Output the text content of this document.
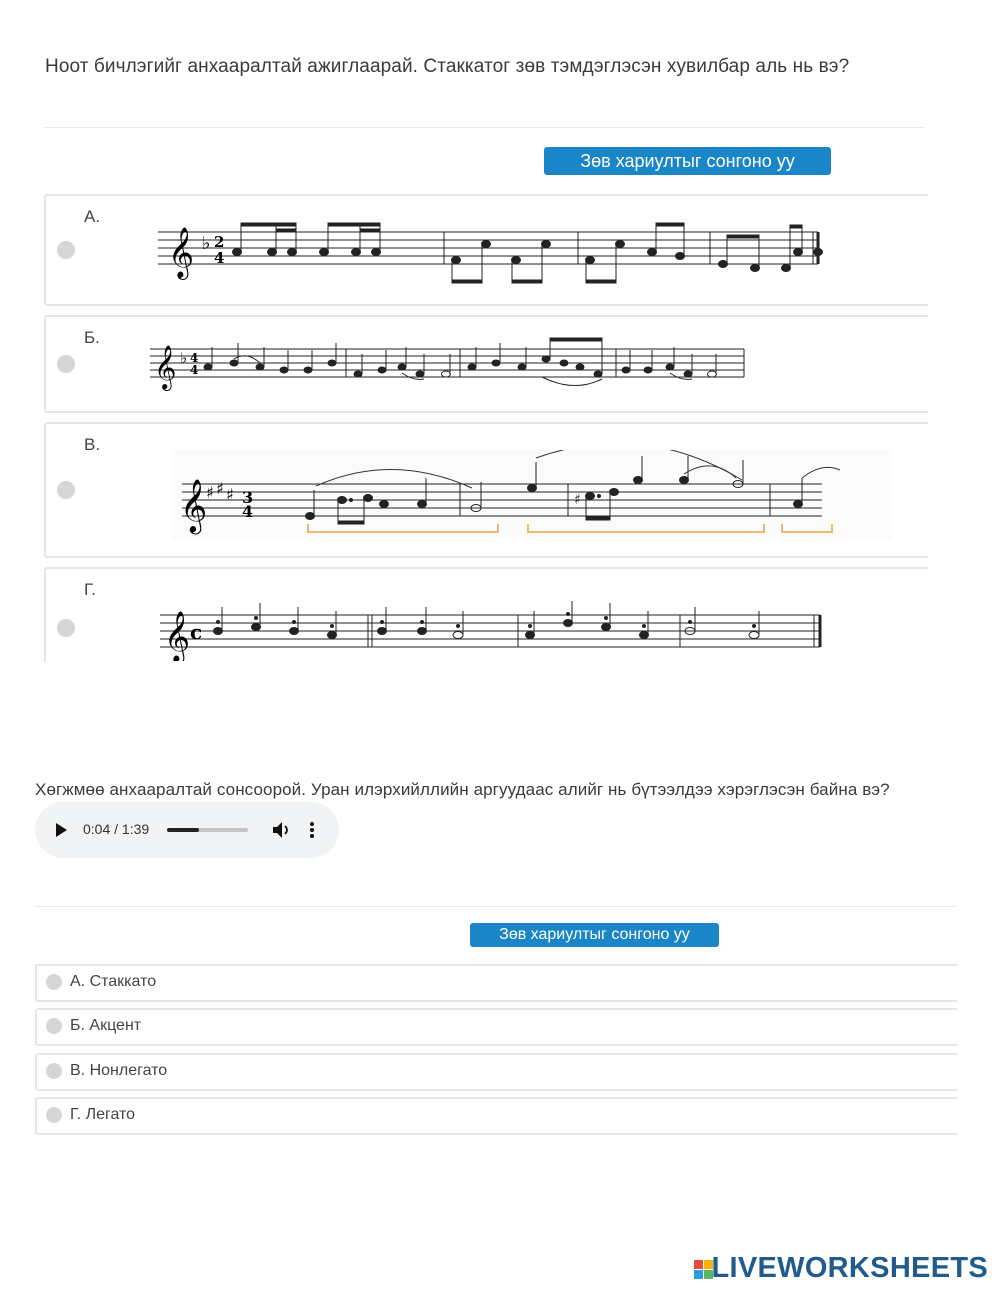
Ноот бичлэгийг анхааралтай ажиглаарай. Стаккатог зөв тэмдэглэсэн хувилбар аль нь вэ?
Зөв хариултыг сонгоно уу
А.
𝄞 ♭ 2
4
Б.
𝄞 ♭ 4
4
В.
𝄞
♯ ♯ ♯ 3
4
♯
Г.
𝄞 c
Хөгжмөө анхааралтай сонсоорой. Уран илэрхийллийн аргуудаас алийг нь бүтээлдээ хэрэглэсэн байна вэ?
0:04 / 1:39
Зөв хариултыг сонгоно уу
А. Стаккато
Б. Акцент
В. Нонлегато
Г. Легато
LIVEWORKSHEETS
